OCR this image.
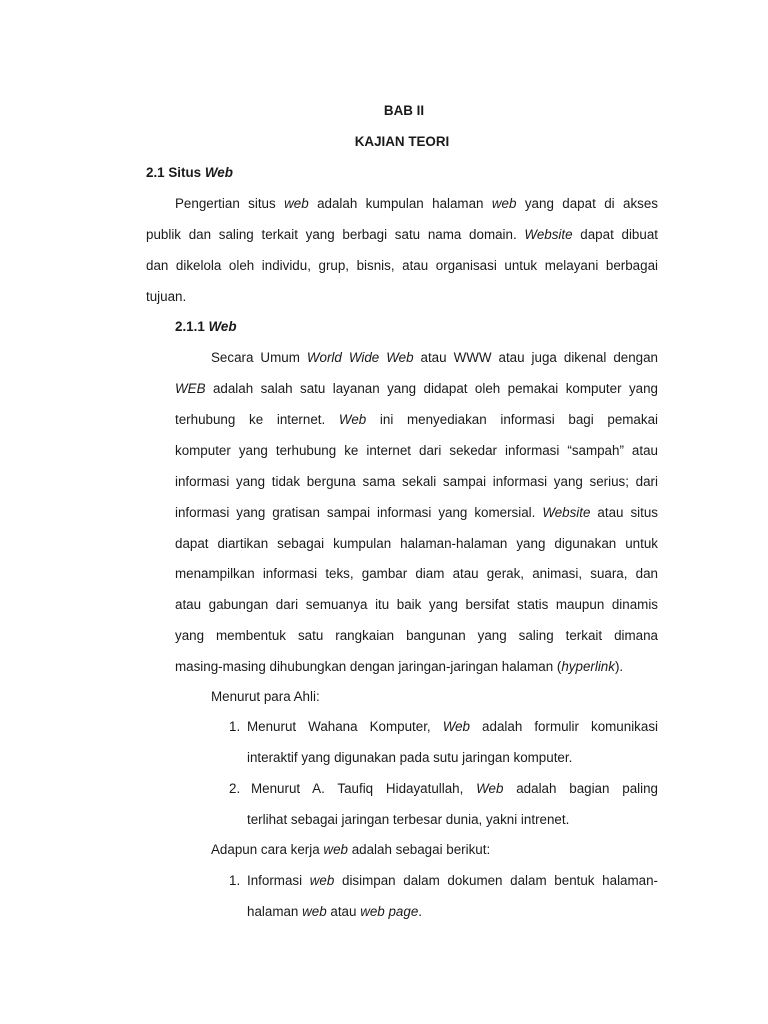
BAB II
KAJIAN TEORI
2.1 Situs Web
Pengertian situs web adalah kumpulan halaman web yang dapat di akses
publik dan saling terkait yang berbagi satu nama domain. Website dapat dibuat
dan dikelola oleh individu, grup, bisnis, atau organisasi untuk melayani berbagai
tujuan.
2.1.1 Web
Secara Umum World Wide Web atau WWW atau juga dikenal dengan
WEB adalah salah satu layanan yang didapat oleh pemakai komputer yang
terhubung ke internet. Web ini menyediakan informasi bagi pemakai
komputer yang terhubung ke internet dari sekedar informasi “sampah” atau
informasi yang tidak berguna sama sekali sampai informasi yang serius; dari
informasi yang gratisan sampai informasi yang komersial. Website atau situs
dapat diartikan sebagai kumpulan halaman-halaman yang digunakan untuk
menampilkan informasi teks, gambar diam atau gerak, animasi, suara, dan
atau gabungan dari semuanya itu baik yang bersifat statis maupun dinamis
yang membentuk satu rangkaian bangunan yang saling terkait dimana
masing-masing dihubungkan dengan jaringan-jaringan halaman (hyperlink).
Menurut para Ahli:
1. Menurut Wahana Komputer, Web adalah formulir komunikasi
interaktif yang digunakan pada sutu jaringan komputer.
2. Menurut A. Taufiq Hidayatullah, Web adalah bagian paling
terlihat sebagai jaringan terbesar dunia, yakni intrenet.
Adapun cara kerja web adalah sebagai berikut:
1. Informasi web disimpan dalam dokumen dalam bentuk halaman-
halaman web atau web page.
